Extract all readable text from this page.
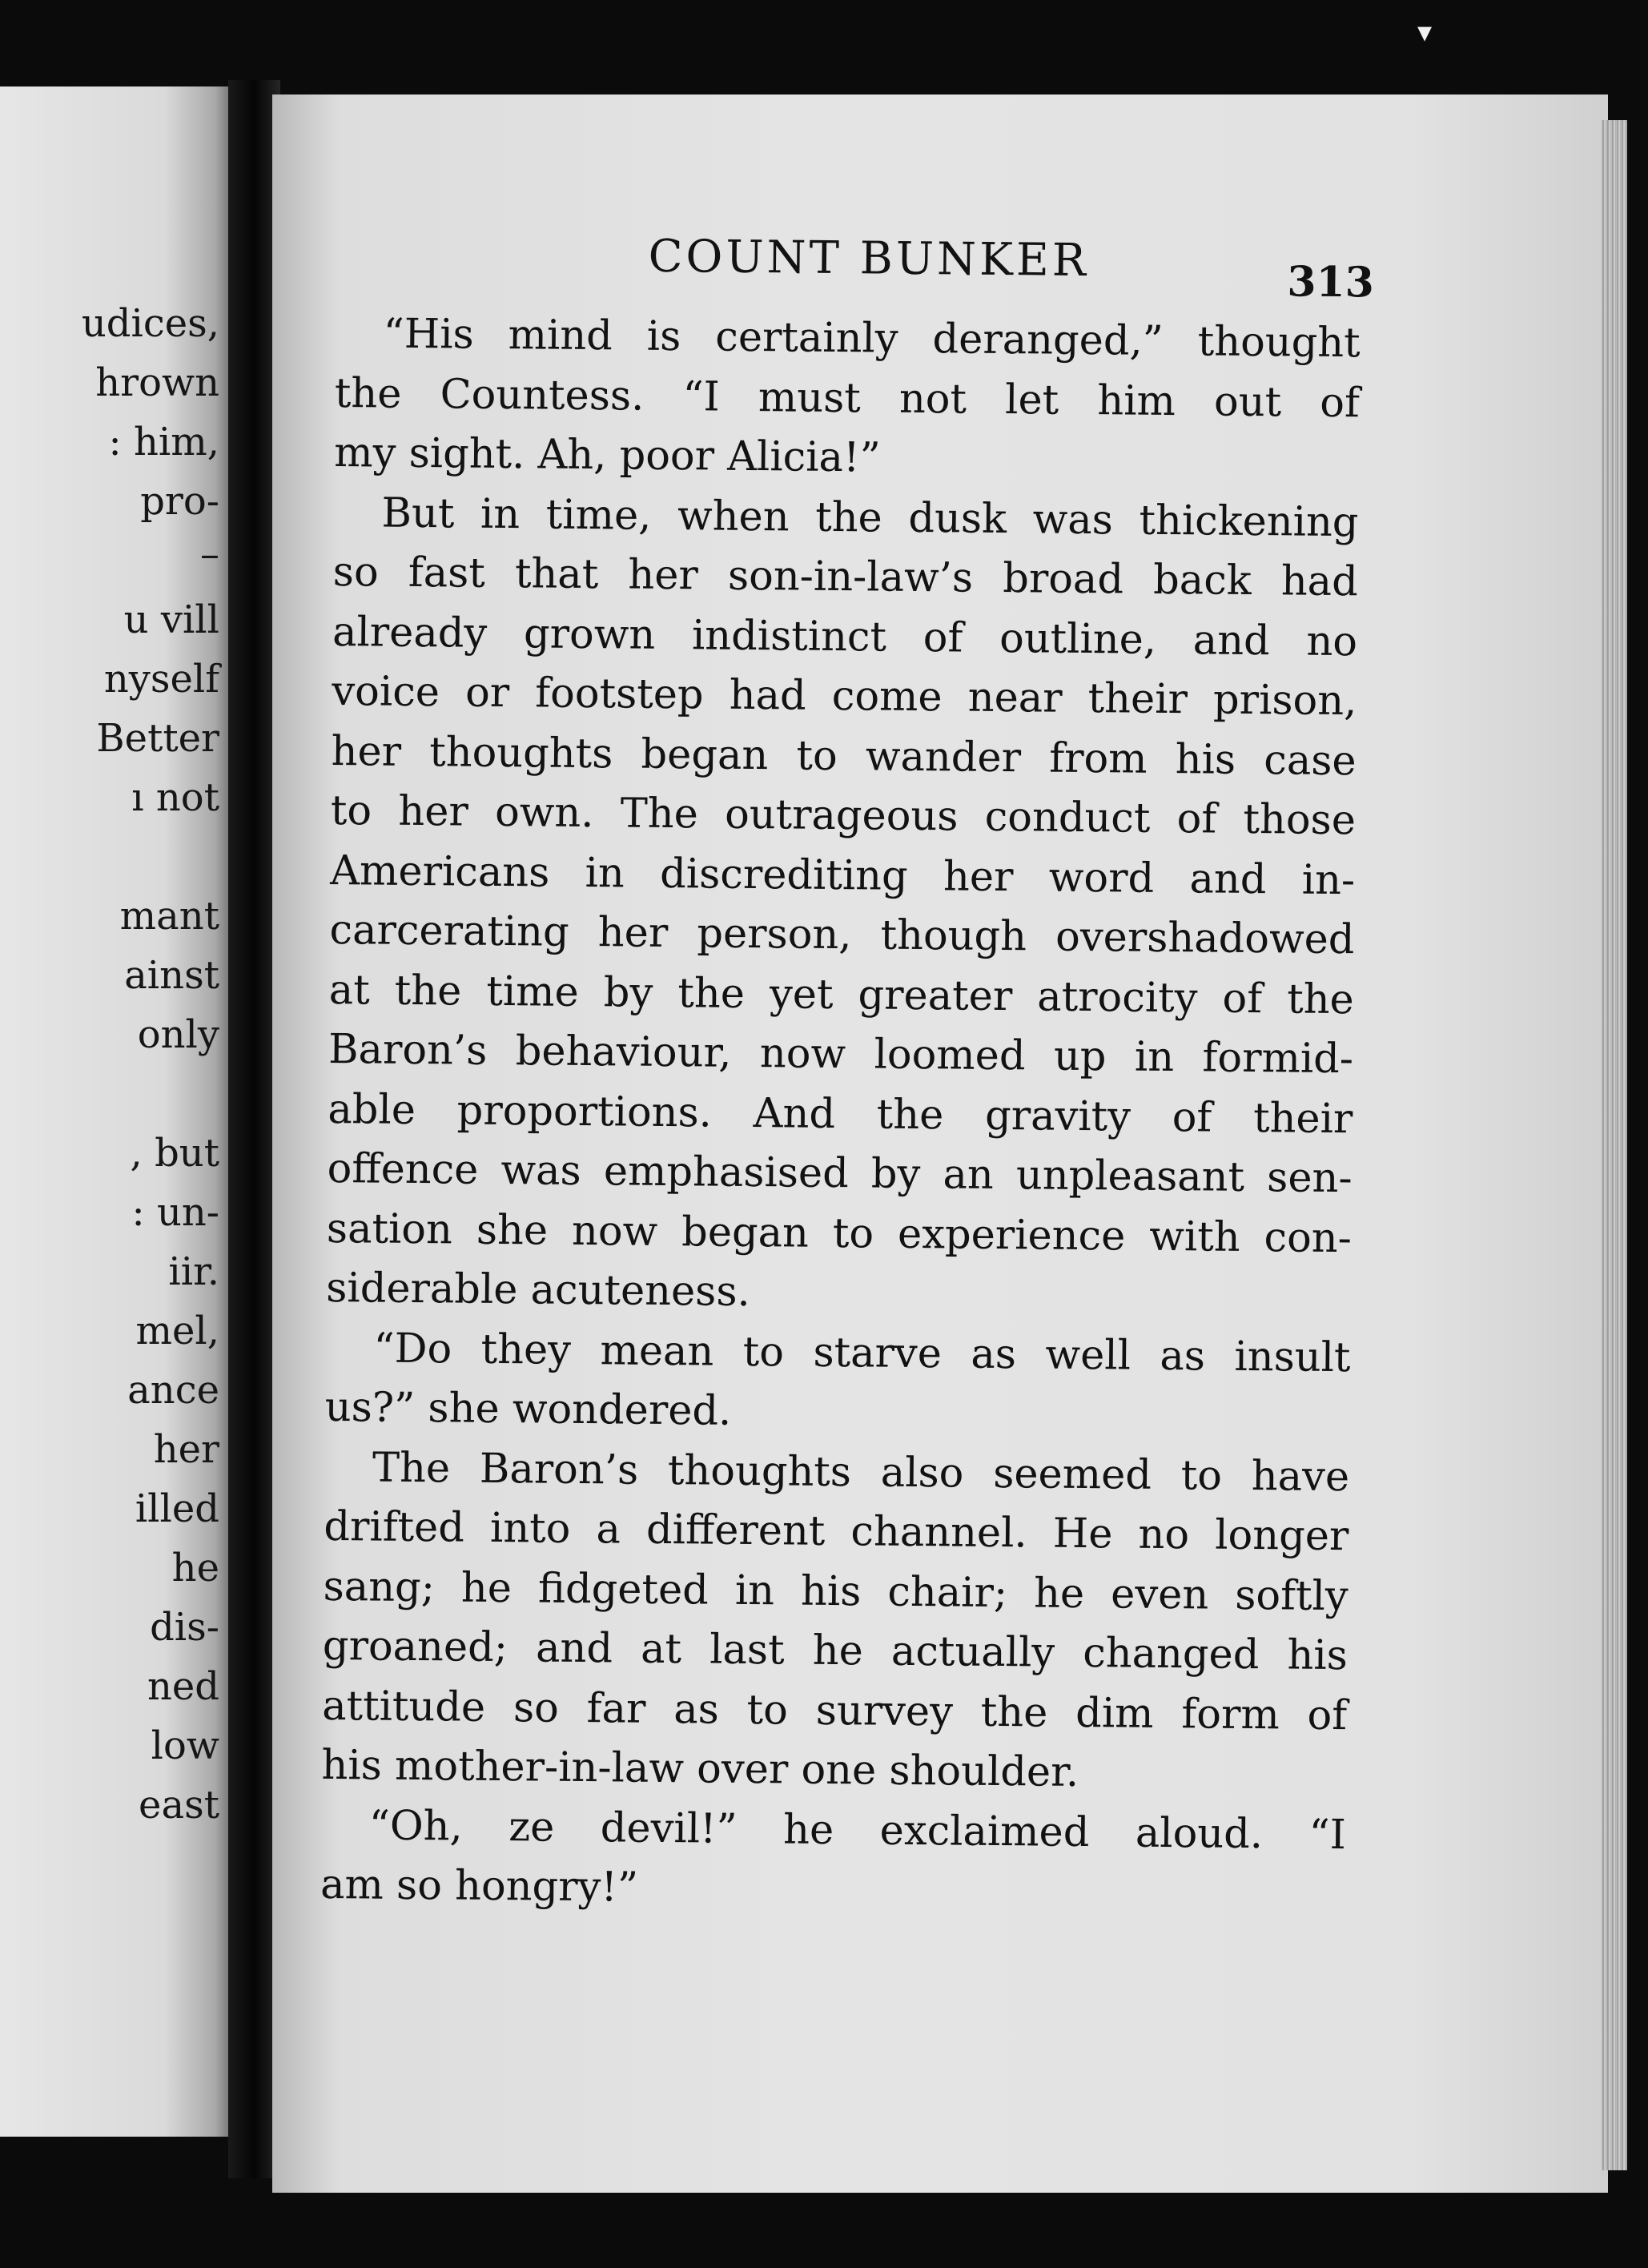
udices,
hrown
: him,
pro-
–
u vill
nyself
Better
ı not
mant
ainst
only
, but
: un-
iir.
mel,
ance
her
illed
he
dis-
ned
low
east
▾
COUNT BUNKER	313
“His mind is certainly deranged,” thought
the Countess. “I must not let him out of
my sight. Ah, poor Alicia!”
But in time, when the dusk was thickening
so fast that her son-in-law’s broad back had
already grown indistinct of outline, and no
voice or footstep had come near their prison,
her thoughts began to wander from his case
to her own. The outrageous conduct of those
Americans in discrediting her word and in-
carcerating her person, though overshadowed
at the time by the yet greater atrocity of the
Baron’s behaviour, now loomed up in formid-
able proportions. And the gravity of their
offence was emphasised by an unpleasant sen-
sation she now began to experience with con-
siderable acuteness.
“Do they mean to starve as well as insult
us?” she wondered.
The Baron’s thoughts also seemed to have
drifted into a different channel. He no longer
sang; he fidgeted in his chair; he even softly
groaned; and at last he actually changed his
attitude so far as to survey the dim form of
his mother-in-law over one shoulder.
“Oh, ze devil!” he exclaimed aloud. “I
am so hongry!”
